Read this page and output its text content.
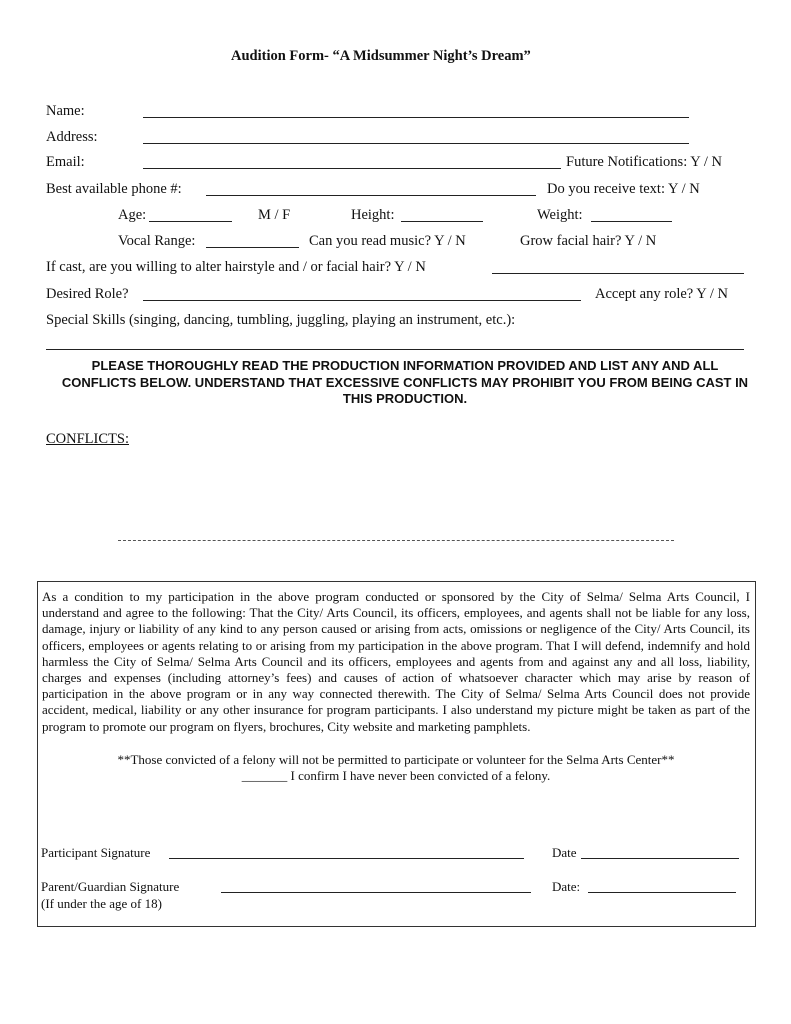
Audition Form- “A Midsummer Night’s Dream”
Name:
Address:
Email:	Future Notifications: Y / N
Best available phone #:	Do you receive text: Y / N
Age:	M / F	Height:	Weight:
Vocal Range:	Can you read music? Y / N	Grow facial hair? Y / N
If cast, are you willing to alter hairstyle and / or facial hair? Y / N
Desired Role?	Accept any role? Y / N
Special Skills (singing, dancing, tumbling, juggling, playing an instrument, etc.):
PLEASE THOROUGHLY READ THE PRODUCTION INFORMATION PROVIDED AND LIST ANY AND ALL CONFLICTS BELOW. UNDERSTAND THAT EXCESSIVE CONFLICTS MAY PROHIBIT YOU FROM BEING CAST IN THIS PRODUCTION.
CONFLICTS:

As a condition to my participation in the above program conducted or sponsored by the City of Selma/ Selma Arts Council, I understand and agree to the following: That the City/ Arts Council, its officers, employees, and agents shall not be liable for any loss, damage, injury or liability of any kind to any person caused or arising from acts, omissions or negligence of the City/ Arts Council, its officers, employees or agents relating to or arising from my participation in the above program. That I will defend, indemnify and hold harmless the City of Selma/ Selma Arts Council and its officers, employees and agents from and against any and all loss, liability, charges and expenses (including attorney’s fees) and causes of action of whatsoever character which may arise by reason of participation in the above program or in any way connected therewith. The City of Selma/ Selma Arts Council does not provide accident, medical, liability or any other insurance for program participants. I also understand my picture might be taken as part of the program to promote our program on flyers, brochures, City website and marketing pamphlets.

**Those convicted of a felony will not be permitted to participate or volunteer for the Selma Arts Center**

_______ I confirm I have never been convicted of a felony.

Participant Signature	Date
Parent/Guardian Signature	Date:
(If under the age of 18)
